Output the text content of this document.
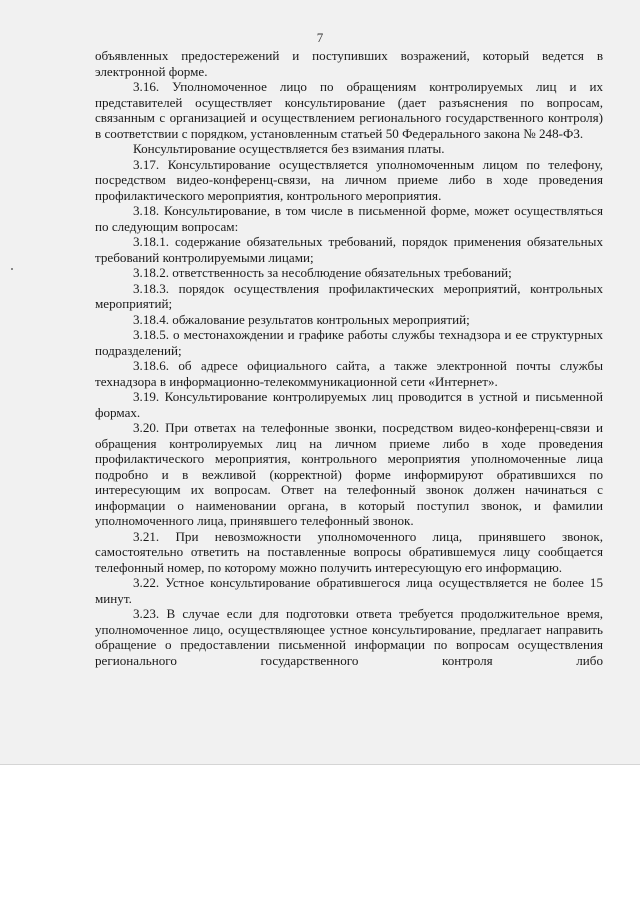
7

объявленных предостережений и поступивших возражений, который ведется в электронной форме.

3.16. Уполномоченное лицо по обращениям контролируемых лиц и их представителей осуществляет консультирование (дает разъяснения по вопросам, связанным с организацией и осуществлением регионального государственного контроля) в соответствии с порядком, установленным статьей 50 Федерального закона № 248-ФЗ.

Консультирование осуществляется без взимания платы.

3.17. Консультирование осуществляется уполномоченным лицом по телефону, посредством видео-конференц-связи, на личном приеме либо в ходе проведения профилактического мероприятия, контрольного мероприятия.

3.18. Консультирование, в том числе в письменной форме, может осуществляться по следующим вопросам:

3.18.1. содержание обязательных требований, порядок применения обязательных требований контролируемыми лицами;

3.18.2. ответственность за несоблюдение обязательных требований;

3.18.3. порядок осуществления профилактических мероприятий, контрольных мероприятий;

3.18.4. обжалование результатов контрольных мероприятий;

3.18.5. о местонахождении и графике работы службы технадзора и ее структурных подразделений;

3.18.6. об адресе официального сайта, а также электронной почты службы технадзора в информационно-телекоммуникационной сети «Интернет».

3.19. Консультирование контролируемых лиц проводится в устной и письменной формах.

3.20. При ответах на телефонные звонки, посредством видео-конференц-связи и обращения контролируемых лиц на личном приеме либо в ходе проведения профилактического мероприятия, контрольного мероприятия уполномоченные лица подробно и в вежливой (корректной) форме информируют обратившихся по интересующим их вопросам. Ответ на телефонный звонок должен начинаться с информации о наименовании органа, в который поступил звонок, и фамилии уполномоченного лица, принявшего телефонный звонок.

3.21. При невозможности уполномоченного лица, принявшего звонок, самостоятельно ответить на поставленные вопросы обратившемуся лицу сообщается телефонный номер, по которому можно получить интересующую его информацию.

3.22. Устное консультирование обратившегося лица осуществляется не более 15 минут.

3.23. В случае если для подготовки ответа требуется продолжительное время, уполномоченное лицо, осуществляющее устное консультирование, предлагает направить обращение о предоставлении письменной информации по вопросам осуществления регионального государственного контроля либо
